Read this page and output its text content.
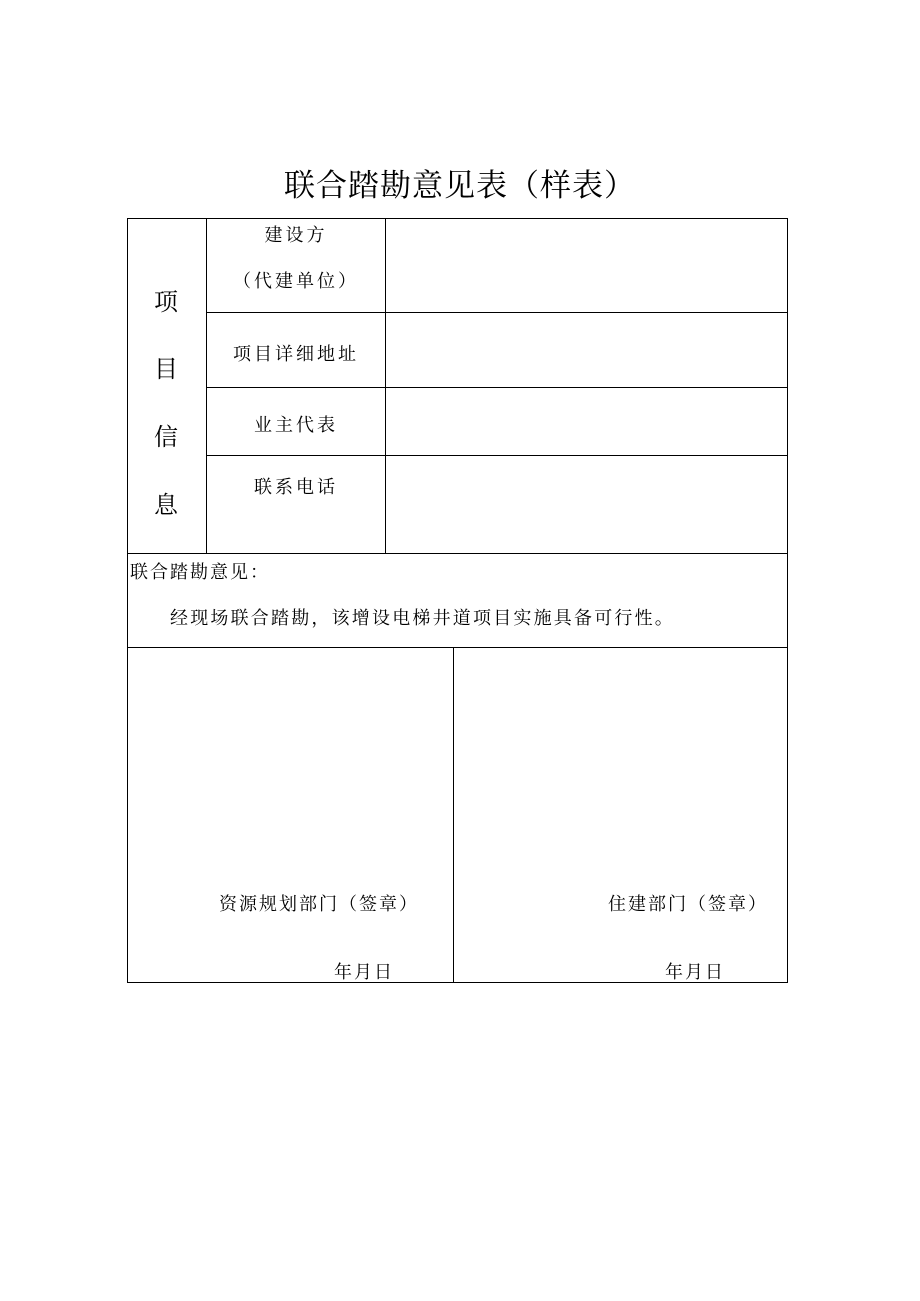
联合踏勘意见表（样表）
项
目
信
息
建设方
（代建单位）
项目详细地址
业主代表
联系电话
联合踏勘意见：
经现场联合踏勘，该增设电梯井道项目实施具备可行性。
资源规划部门（签章）
年月日
住建部门（签章）
年月日
